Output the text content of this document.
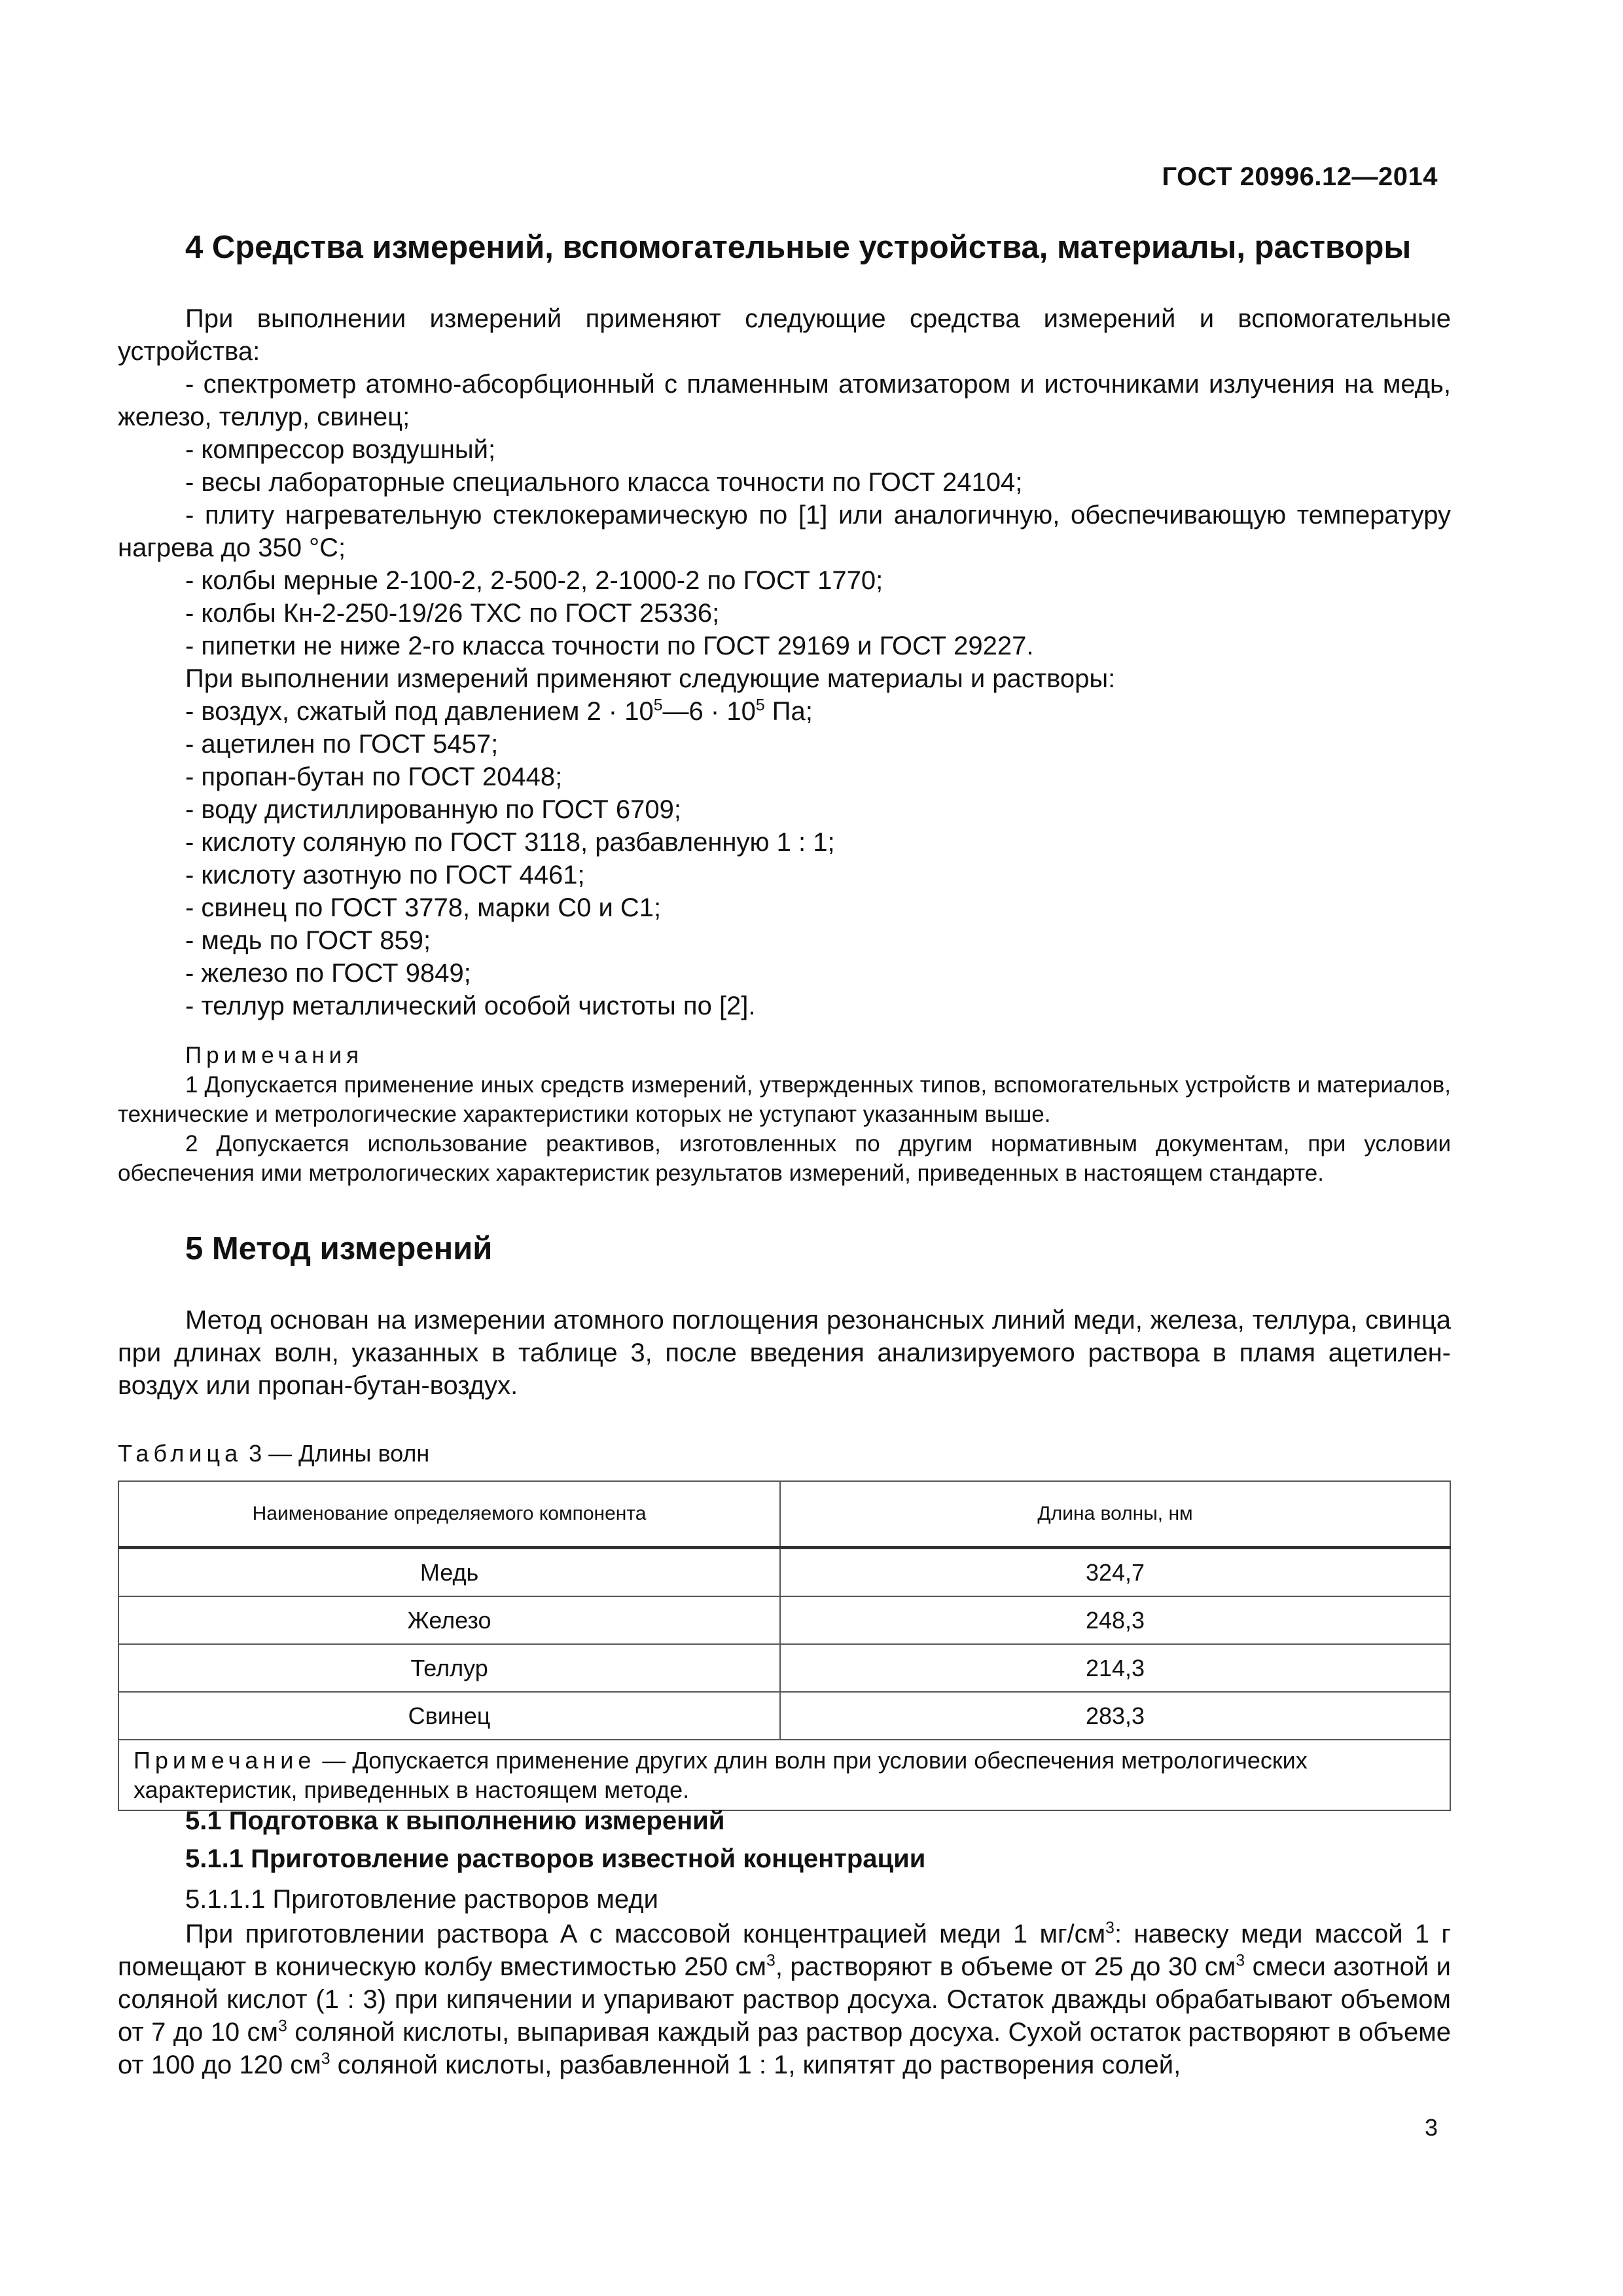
ГОСТ 20996.12—2014
4 Средства измерений, вспомогательные устройства, материалы, растворы

При выполнении измерений применяют следующие средства измерений и вспомогательные устройства:

- спектрометр атомно-абсорбционный с пламенным атомизатором и источниками излучения на медь, железо, теллур, свинец;

- компрессор воздушный;
- весы лабораторные специального класса точности по ГОСТ 24104;

- плиту нагревательную стеклокерамическую по [1] или аналогичную, обеспечивающую температуру нагрева до 350 °С;

- колбы мерные 2-100-2, 2-500-2, 2-1000-2 по ГОСТ 1770;
- колбы Кн-2-250-19/26 ТХС по ГОСТ 25336;
- пипетки не ниже 2-го класса точности по ГОСТ 29169 и ГОСТ 29227.
При выполнении измерений применяют следующие материалы и растворы:
- воздух, сжатый под давлением $2 \cdot 10^5—6 \cdot 10^5$ Па;
- ацетилен по ГОСТ 5457;
- пропан-бутан по ГОСТ 20448;
- воду дистиллированную по ГОСТ 6709;
- кислоту соляную по ГОСТ 3118, разбавленную 1 : 1;
- кислоту азотную по ГОСТ 4461;
- свинец по ГОСТ 3778, марки С0 и С1;
- медь по ГОСТ 859;
- железо по ГОСТ 9849;
- теллур металлический особой чистоты по [2].

Примечания

1 Допускается применение иных средств измерений, утвержденных типов, вспомогательных устройств и материалов, технические и метрологические характеристики которых не уступают указанным выше.

2 Допускается использование реактивов, изготовленных по другим нормативным документам, при условии обеспечения ими метрологических характеристик результатов измерений, приведенных в настоящем стандарте.

5 Метод измерений

Метод основан на измерении атомного поглощения резонансных линий меди, железа, теллура, свинца при длинах волн, указанных в таблице 3, после введения анализируемого раствора в пламя ацетилен-воздух или пропан-бутан-воздух.

Таблица 3 — Длины волн
Наименование определяемого компонента	Длина волны, нм
Медь	324,7
Железо	248,3
Теллур	214,3
Свинец	283,3
Примечание — Допускается применение других длин волн при условии обеспечения метрологических характеристик, приведенных в настоящем методе.	
5.1 Подготовка к выполнению измерений
5.1.1 Приготовление растворов известной концентрации
5.1.1.1 Приготовление растворов меди

При приготовлении раствора А с массовой концентрацией меди 1 $мг/см^3$: навеску меди массой 1 г помещают в коническую колбу вместимостью 250 $см^3$, растворяют в объеме от 25 до 30 $см^3$ смеси азотной и соляной кислот (1 : 3) при кипячении и упаривают раствор досуха. Остаток дважды обрабатывают объемом от 7 до 10 $см^3$ соляной кислоты, выпаривая каждый раз раствор досуха. Сухой остаток растворяют в объеме от 100 до 120 $см^3$ соляной кислоты, разбавленной 1 : 1, кипятят до растворения солей,

3
